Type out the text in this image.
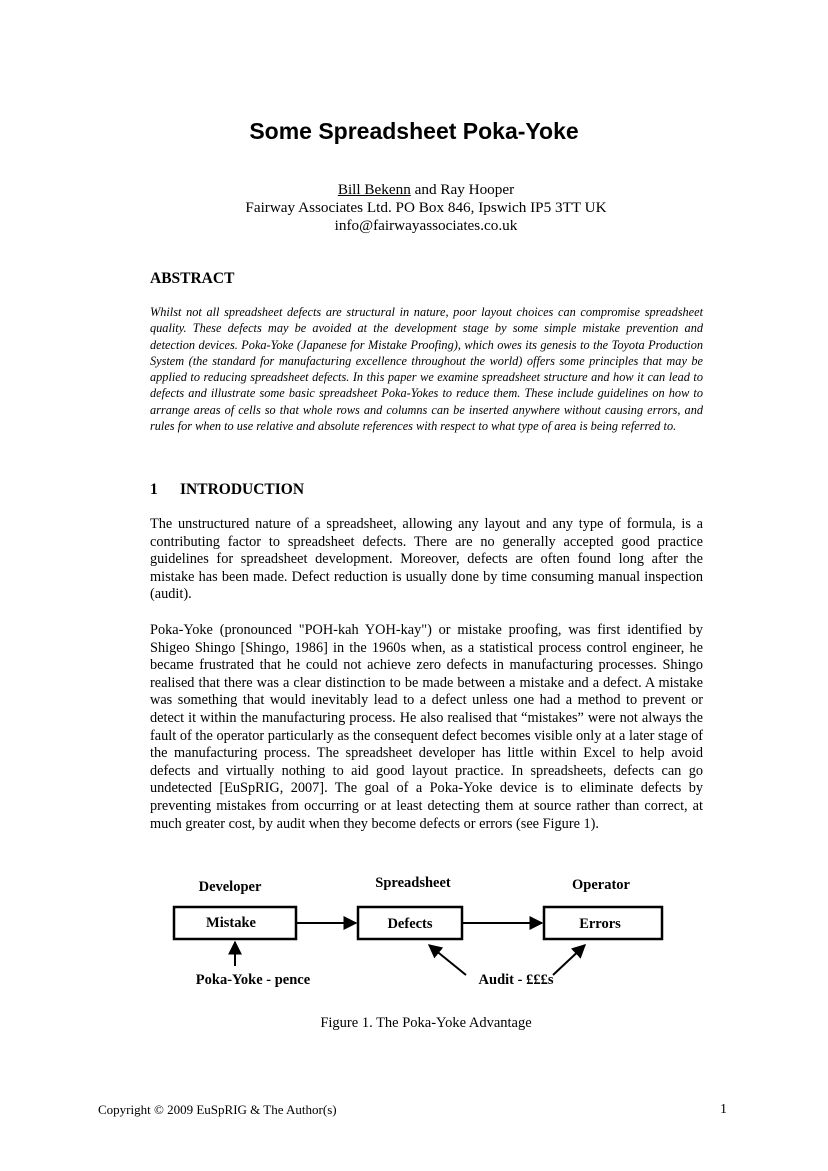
Some Spreadsheet Poka-Yoke
Bill Bekenn and Ray Hooper
Fairway Associates Ltd. PO Box 846, Ipswich IP5 3TT UK
info@fairwayassociates.co.uk
ABSTRACT
Whilst not all spreadsheet defects are structural in nature, poor layout choices can compromise spreadsheet quality. These defects may be avoided at the development stage by some simple mistake prevention and detection devices. Poka-Yoke (Japanese for Mistake Proofing), which owes its genesis to the Toyota Production System (the standard for manufacturing excellence throughout the world) offers some principles that may be applied to reducing spreadsheet defects. In this paper we examine spreadsheet structure and how it can lead to defects and illustrate some basic spreadsheet Poka-Yokes to reduce them. These include guidelines on how to arrange areas of cells so that whole rows and columns can be inserted anywhere without causing errors, and rules for when to use relative and absolute references with respect to what type of area is being referred to.
1 INTRODUCTION
The unstructured nature of a spreadsheet, allowing any layout and any type of formula, is a contributing factor to spreadsheet defects. There are no generally accepted good practice guidelines for spreadsheet development. Moreover, defects are often found long after the mistake has been made. Defect reduction is usually done by time consuming manual inspection (audit).
Poka-Yoke (pronounced "POH-kah YOH-kay") or mistake proofing, was first identified by Shigeo Shingo [Shingo, 1986] in the 1960s when, as a statistical process control engineer, he became frustrated that he could not achieve zero defects in manufacturing processes. Shingo realised that there was a clear distinction to be made between a mistake and a defect. A mistake was something that would inevitably lead to a defect unless one had a method to prevent or detect it within the manufacturing process. He also realised that “mistakes” were not always the fault of the operator particularly as the consequent defect becomes visible only at a later stage of the manufacturing process. The spreadsheet developer has little within Excel to help avoid defects and virtually nothing to aid good layout practice. In spreadsheets, defects can go undetected [EuSpRIG, 2007]. The goal of a Poka-Yoke device is to eliminate defects by preventing mistakes from occurring or at least detecting them at source rather than correct, at much greater cost, by audit when they become defects or errors (see Figure 1).
Developer	Spreadsheet	Operator
Mistake	Defects	Errors
Poka-Yoke - pence	Audit - £££s
Figure 1. The Poka-Yoke Advantage
Copyright © 2009 EuSpRIG & The Author(s)	1
